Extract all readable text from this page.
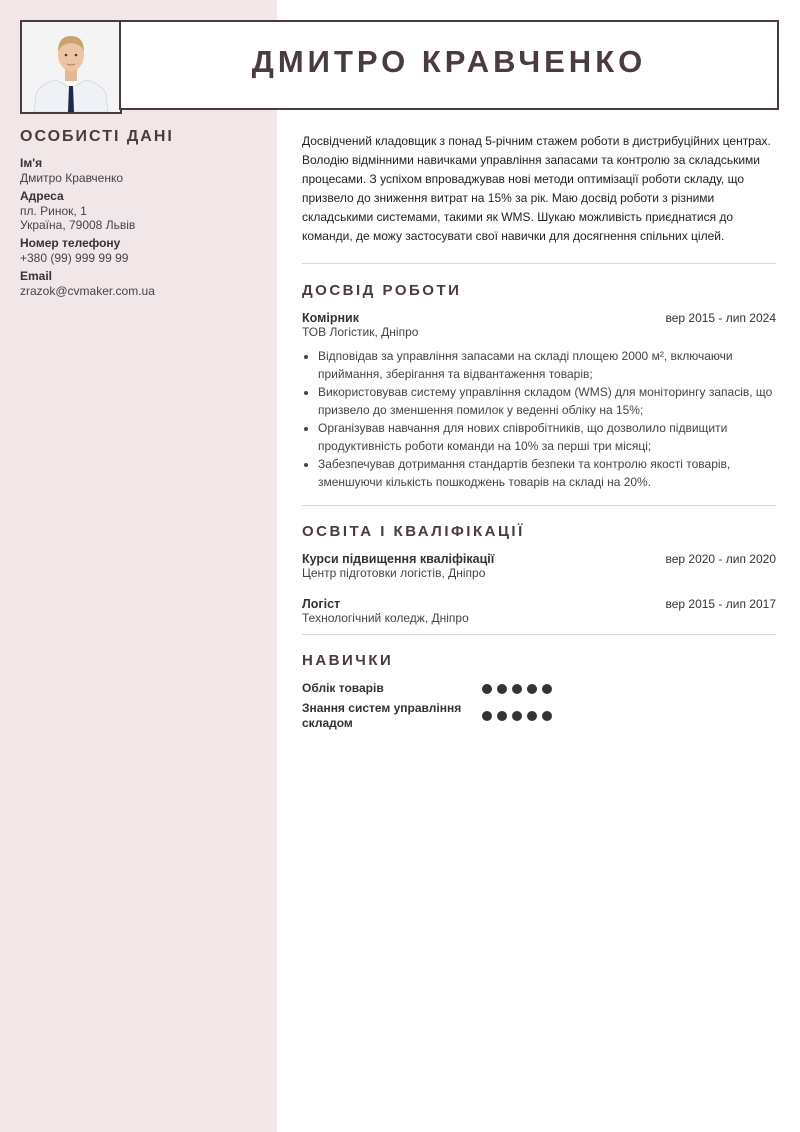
ДМИТРО КРАВЧЕНКО
ОСОБИСТІ ДАНІ
Ім'я
Дмитро Кравченко
Адреса
пл. Ринок, 1
Україна, 79008 Львів
Номер телефону
+380 (99) 999 99 99
Email
zrazok@cvmaker.com.ua
Досвідчений кладовщик з понад 5-річним стажем роботи в дистрибуційних центрах. Володію відмінними навичками управління запасами та контролю за складськими процесами. З успіхом впроваджував нові методи оптимізації роботи складу, що призвело до зниження витрат на 15% за рік. Маю досвід роботи з різними складськими системами, такими як WMS. Шукаю можливість приєднатися до команди, де можу застосувати свої навички для досягнення спільних цілей.
ДОСВІД РОБОТИ
Комірник	вер 2015 - лип 2024
ТОВ Логістик, Дніпро
• Відповідав за управління запасами на складі площею 2000 м², включаючи приймання, зберігання та відвантаження товарів;
• Використовував систему управління складом (WMS) для моніторингу запасів, що призвело до зменшення помилок у веденні обліку на 15%;
• Організував навчання для нових співробітників, що дозволило підвищити продуктивність роботи команди на 10% за перші три місяці;
• Забезпечував дотримання стандартів безпеки та контролю якості товарів, зменшуючи кількість пошкоджень товарів на складі на 20%.
ОСВІТА І КВАЛІФІКАЦІЇ
Курси підвищення кваліфікації	вер 2020 - лип 2020
Центр підготовки логістів, Дніпро
Логіст	вер 2015 - лип 2017
Технологічний коледж, Дніпро
НАВИЧКИ
Облік товарів
Знання систем управління складом
